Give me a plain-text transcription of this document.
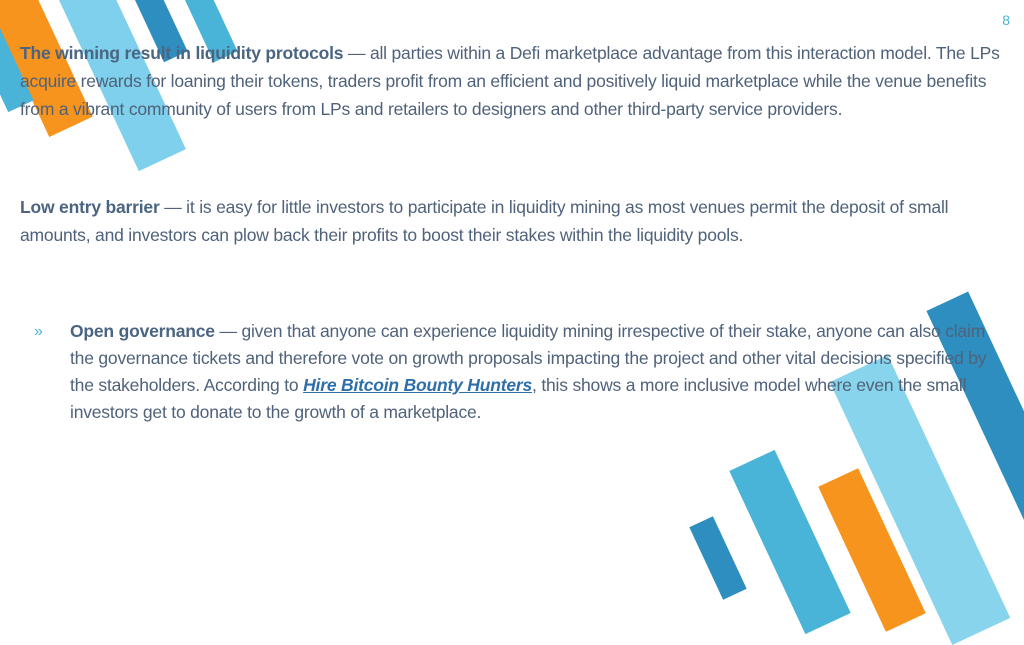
8
The winning result in liquidity protocols — all parties within a Defi marketplace advantage from this interaction model. The LPs acquire rewards for loaning their tokens, traders profit from an efficient and positively liquid marketplace while the venue benefits from a vibrant community of users from LPs and retailers to designers and other third-party service providers.
Low entry barrier — it is easy for little investors to participate in liquidity mining as most venues permit the deposit of small amounts, and investors can plow back their profits to boost their stakes within the liquidity pools.
» Open governance — given that anyone can experience liquidity mining irrespective of their stake, anyone can also claim the governance tickets and therefore vote on growth proposals impacting the project and other vital decisions specified by the stakeholders. According to Hire Bitcoin Bounty Hunters, this shows a more inclusive model where even the small investors get to donate to the growth of a marketplace.
